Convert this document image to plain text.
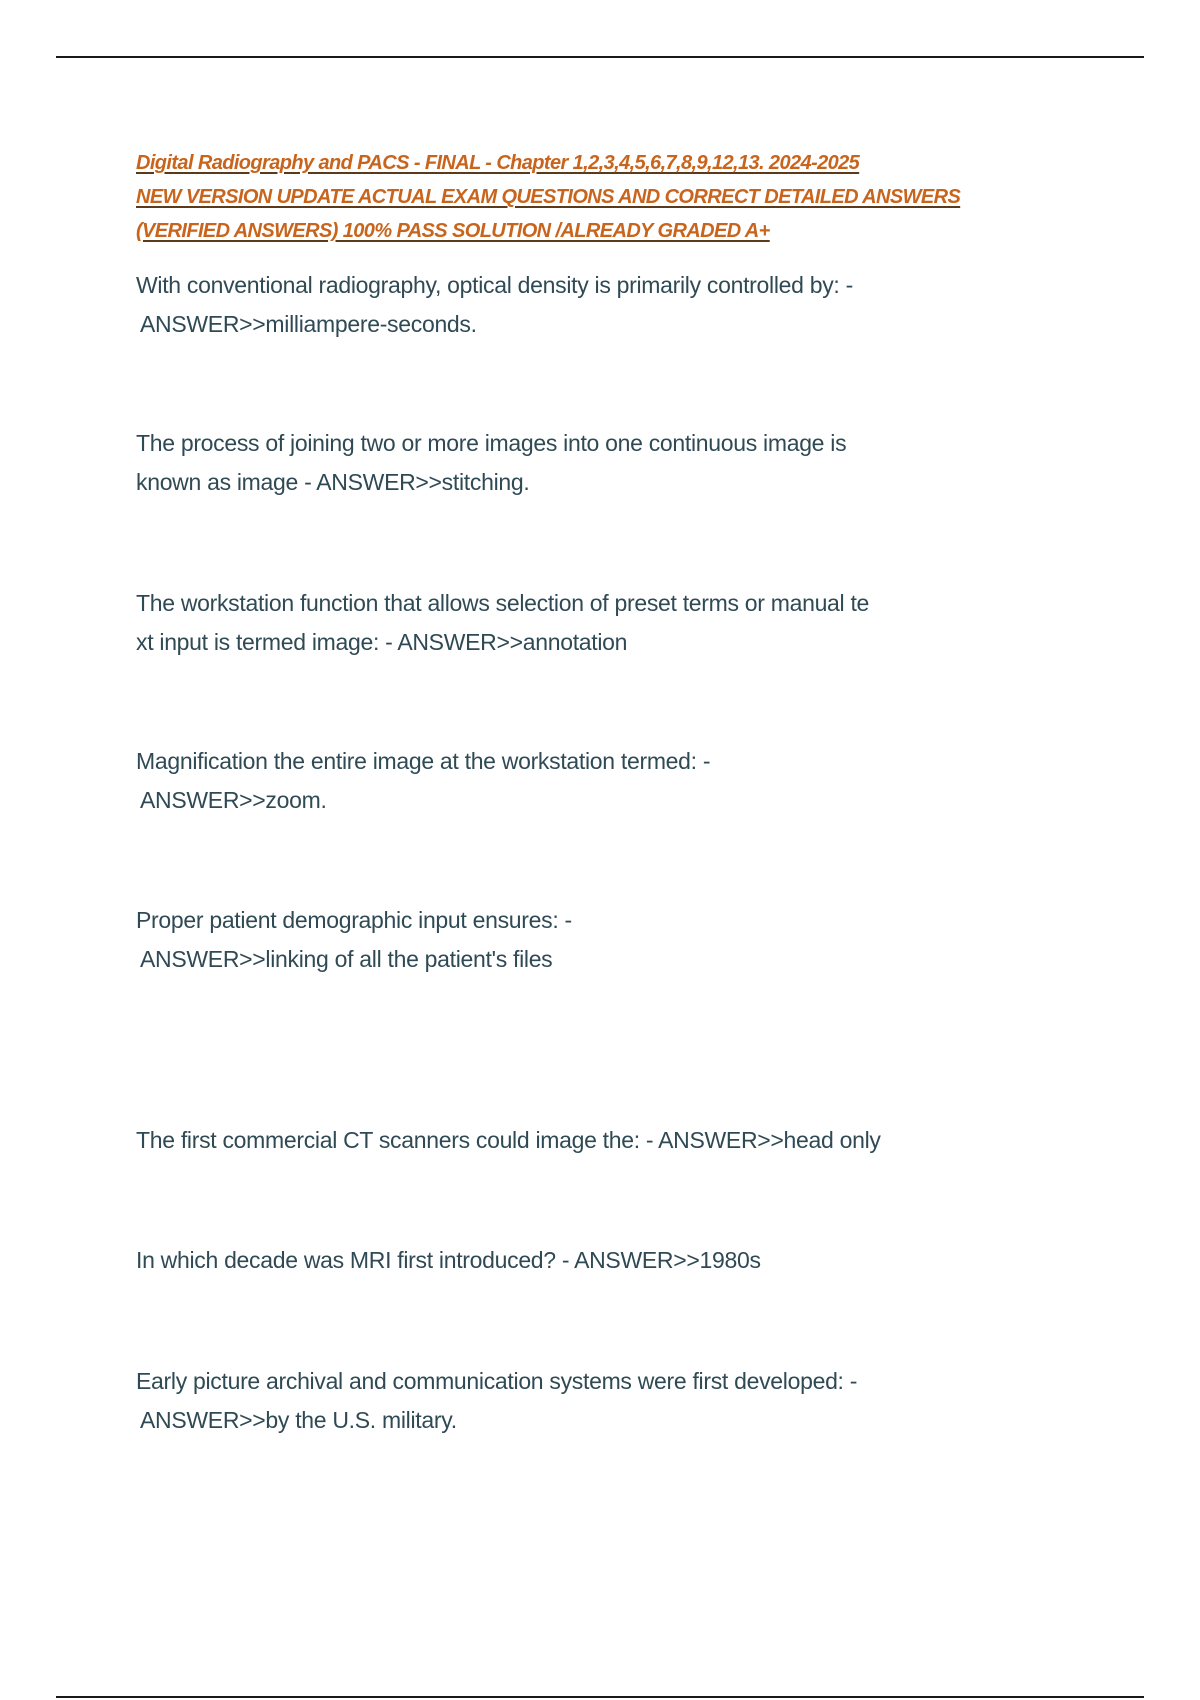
Digital Radiography and PACS - FINAL - Chapter 1,2,3,4,5,6,7,8,9,12,13. 2024-2025
NEW VERSION UPDATE ACTUAL EXAM QUESTIONS AND CORRECT DETAILED ANSWERS
(VERIFIED ANSWERS) 100% PASS SOLUTION /ALREADY GRADED A+
With conventional radiography, optical density is primarily controlled by: -
ANSWER>>milliampere-seconds.
The process of joining two or more images into one continuous image is
known as image - ANSWER>>stitching.
The workstation function that allows selection of preset terms or manual te
xt input is termed image: - ANSWER>>annotation
Magnification the entire image at the workstation termed: -
ANSWER>>zoom.
Proper patient demographic input ensures: -
ANSWER>>linking of all the patient's files
The first commercial CT scanners could image the: - ANSWER>>head only
In which decade was MRI first introduced? - ANSWER>>1980s
Early picture archival and communication systems were first developed: -
ANSWER>>by the U.S. military.
